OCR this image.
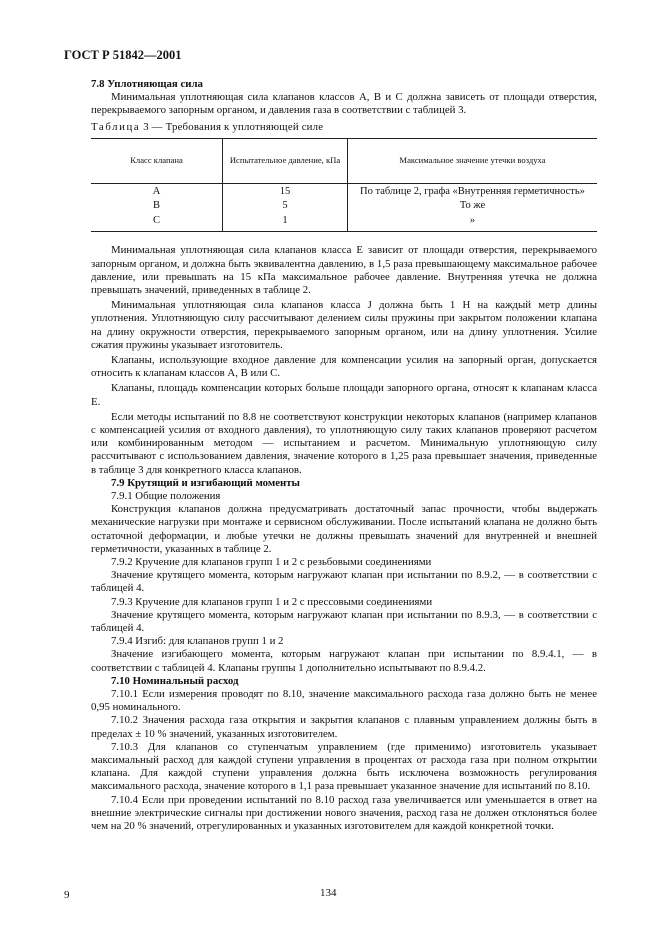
ГОСТ Р 51842—2001

7.8 Уплотняющая сила

Минимальная уплотняющая сила клапанов классов A, B и C должна зависеть от площади отверстия, перекрываемого запорным органом, и давления газа в соответствии с таблицей 3.

Таблица 3 — Требования к уплотняющей силе

Класс клапана	Испытательное давление, кПа	Максимальное значение утечки воздуха
A	15	По таблице 2, графа «Внутренняя герметичность»
B	5	То же
C	1	»

Минимальная уплотняющая сила клапанов класса E зависит от площади отверстия, перекрываемого запорным органом, и должна быть эквивалентна давлению, в 1,5 раза превышающему максимальное рабочее давление, или превышать на 15 кПа максимальное рабочее давление. Внутренняя утечка не должна превышать значений, приведенных в таблице 2.

Минимальная уплотняющая сила клапанов класса J должна быть 1 Н на каждый метр длины уплотнения. Уплотняющую силу рассчитывают делением силы пружины при закрытом положении клапана на длину окружности отверстия, перекрываемого запорным органом, или на длину уплотнения. Усилие сжатия пружины указывает изготовитель.

Клапаны, использующие входное давление для компенсации усилия на запорный орган, допускается относить к клапанам классов A, B или C.

Клапаны, площадь компенсации которых больше площади запорного органа, относят к клапанам класса E.

Если методы испытаний по 8.8 не соответствуют конструкции некоторых клапанов (например клапанов с компенсацией усилия от входного давления), то уплотняющую силу таких клапанов проверяют расчетом или комбинированным методом — испытанием и расчетом. Минимальную уплотняющую силу рассчитывают с использованием давления, значение которого в 1,25 раза превышает значения, приведенные в таблице 3 для конкретного класса клапанов.

7.9 Крутящий и изгибающий моменты

7.9.1 Общие положения

Конструкция клапанов должна предусматривать достаточный запас прочности, чтобы выдержать механические нагрузки при монтаже и сервисном обслуживании. После испытаний клапана не должно быть остаточной деформации, и любые утечки не должны превышать значений для внутренней и внешней герметичности, указанных в таблице 2.

7.9.2 Кручение для клапанов групп 1 и 2 с резьбовыми соединениями

Значение крутящего момента, которым нагружают клапан при испытании по 8.9.2, — в соответствии с таблицей 4.

7.9.3 Кручение для клапанов групп 1 и 2 с прессовыми соединениями

Значение крутящего момента, которым нагружают клапан при испытании по 8.9.3, — в соответствии с таблицей 4.

7.9.4 Изгиб: для клапанов групп 1 и 2

Значение изгибающего момента, которым нагружают клапан при испытании по 8.9.4.1, — в соответствии с таблицей 4. Клапаны группы 1 дополнительно испытывают по 8.9.4.2.

7.10 Номинальный расход

7.10.1 Если измерения проводят по 8.10, значение максимального расхода газа должно быть не менее 0,95 номинального.

7.10.2 Значения расхода газа открытия и закрытия клапанов с плавным управлением должны быть в пределах ± 10 % значений, указанных изготовителем.

7.10.3 Для клапанов со ступенчатым управлением (где применимо) изготовитель указывает максимальный расход для каждой ступени управления в процентах от расхода газа при полном открытии клапана. Для каждой ступени управления должна быть исключена возможность регулирования максимального расхода, значение которого в 1,1 раза превышает указанное значение для испытаний по 8.10.

7.10.4 Если при проведении испытаний по 8.10 расход газа увеличивается или уменьшается в ответ на внешние электрические сигналы при достижении нового значения, расход газа не должен отклоняться более чем на 20 % значений, отрегулированных и указанных изготовителем для каждой конкретной точки.

9	134
